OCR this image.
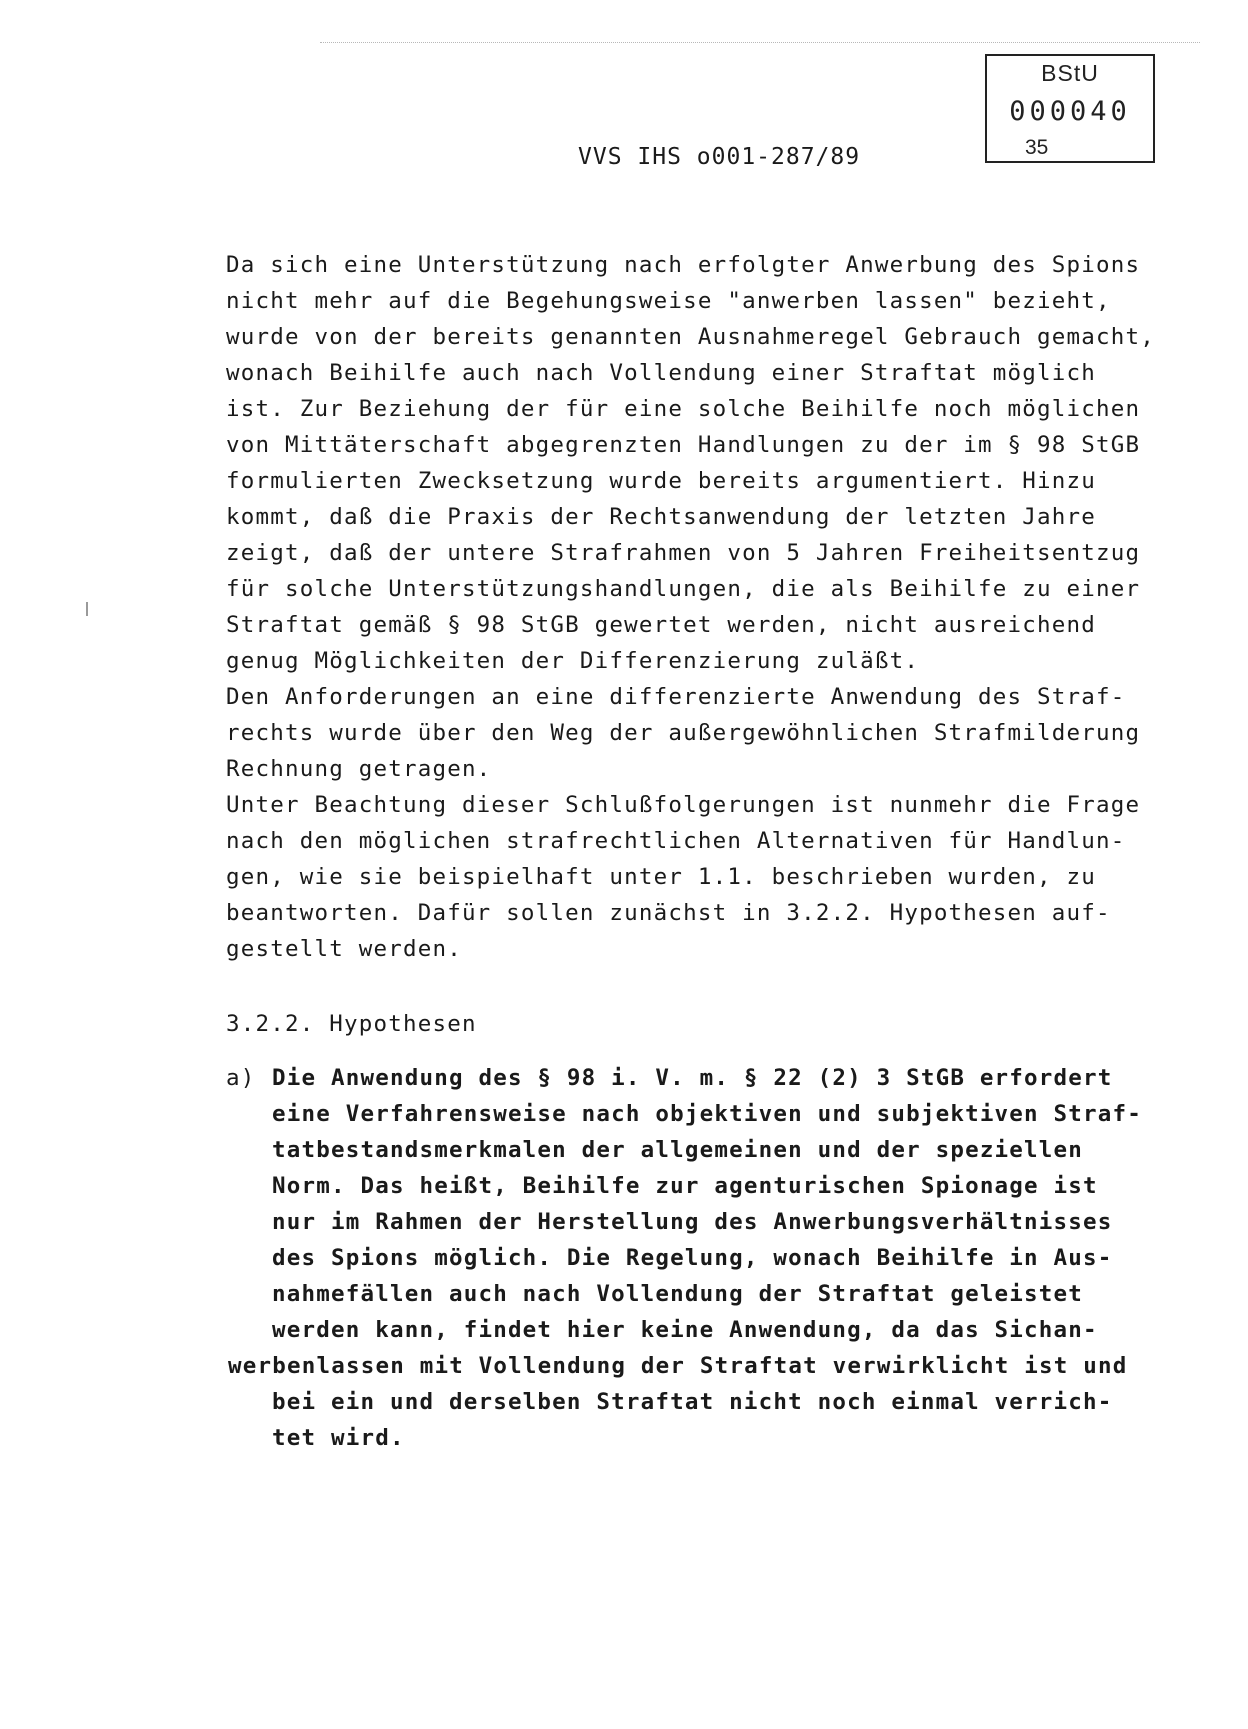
BStU
000040
35
VVS IHS o001-287/89
Da sich eine Unterstützung nach erfolgter Anwerbung des Spions
nicht mehr auf die Begehungsweise "anwerben lassen" bezieht,
wurde von der bereits genannten Ausnahmeregel Gebrauch gemacht,
wonach Beihilfe auch nach Vollendung einer Straftat möglich
ist. Zur Beziehung der für eine solche Beihilfe noch möglichen
von Mittäterschaft abgegrenzten Handlungen zu der im § 98 StGB
formulierten Zwecksetzung wurde bereits argumentiert. Hinzu
kommt, daß die Praxis der Rechtsanwendung der letzten Jahre
zeigt, daß der untere Strafrahmen von 5 Jahren Freiheitsentzug
für solche Unterstützungshandlungen, die als Beihilfe zu einer
Straftat gemäß § 98 StGB gewertet werden, nicht ausreichend
genug Möglichkeiten der Differenzierung zuläßt.
Den Anforderungen an eine differenzierte Anwendung des Straf-
rechts wurde über den Weg der außergewöhnlichen Strafmilderung
Rechnung getragen.
Unter Beachtung dieser Schlußfolgerungen ist nunmehr die Frage
nach den möglichen strafrechtlichen Alternativen für Handlun-
gen, wie sie beispielhaft unter 1.1. beschrieben wurden, zu
beantworten. Dafür sollen zunächst in 3.2.2. Hypothesen auf-
gestellt werden.
3.2.2. Hypothesen
a) Die Anwendung des § 98 i. V. m. § 22 (2) 3 StGB erfordert
eine Verfahrensweise nach objektiven und subjektiven Straf-
tatbestandsmerkmalen der allgemeinen und der speziellen
Norm. Das heißt, Beihilfe zur agenturischen Spionage ist
nur im Rahmen der Herstellung des Anwerbungsverhältnisses
des Spions möglich. Die Regelung, wonach Beihilfe in Aus-
nahmefällen auch nach Vollendung der Straftat geleistet
werden kann, findet hier keine Anwendung, da das Sichan-
werbenlassen mit Vollendung der Straftat verwirklicht ist und
bei ein und derselben Straftat nicht noch einmal verrich-
tet wird.
